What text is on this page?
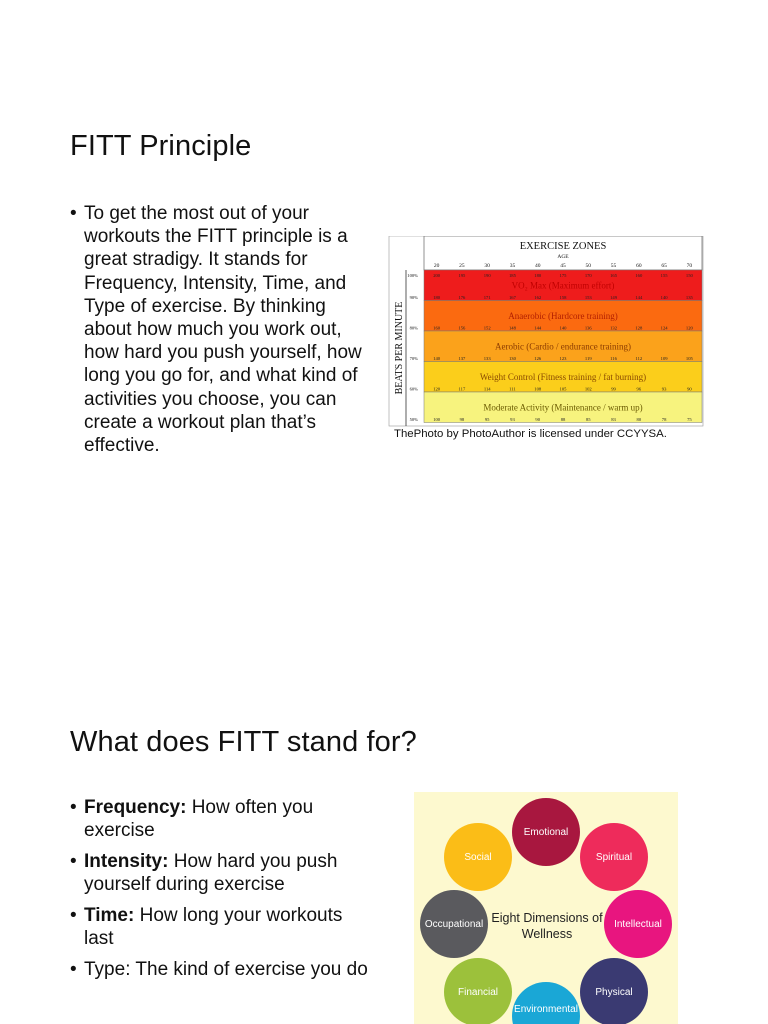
FITT Principle
• To get the most out of your workouts the FITT principle is a great stradigy. It stands for Frequency, Intensity, Time, and Type of exercise. By thinking about how much you work out, how hard you push yourself, how long you go for, and what kind of activities you choose, you can create a workout plan that’s effective.
EXERCISE ZONES
AGE
20	25	30	35	40	45	50	55	60	65	70
VO₂ Max (Maximum effort)
200	195	190	185	180	175	170	165	160	155	150
100%
180	176	171	167	162	158	153	149	144	140	135
90%
Anaerobic (Hardcore training)
160	156	152	148	144	140	136	132	128	124	120
80%
Aerobic (Cardio / endurance training)
140	137	133	130	126	123	119	116	112	109	105
70%
Weight Control (Fitness training / fat burning)
120	117	114	111	108	105	102	99	96	93	90
60%
Moderate Activity (Maintenance / warm up)
100	98	95	93	90	88	85	83	80	78	75
50%
BEATS PER MINUTE
ThePhoto by PhotoAuthor is licensed under CCYYSA.
What does FITT stand for?
• Frequency: How often you exercise
• Intensity: How hard you push yourself during exercise
• Time: How long your workouts last
• Type: The kind of exercise you do
Emotional
Spiritual
Intellectual
Physical
Environmental
Financial
Occupational
Social
Eight Dimensions of Wellness
